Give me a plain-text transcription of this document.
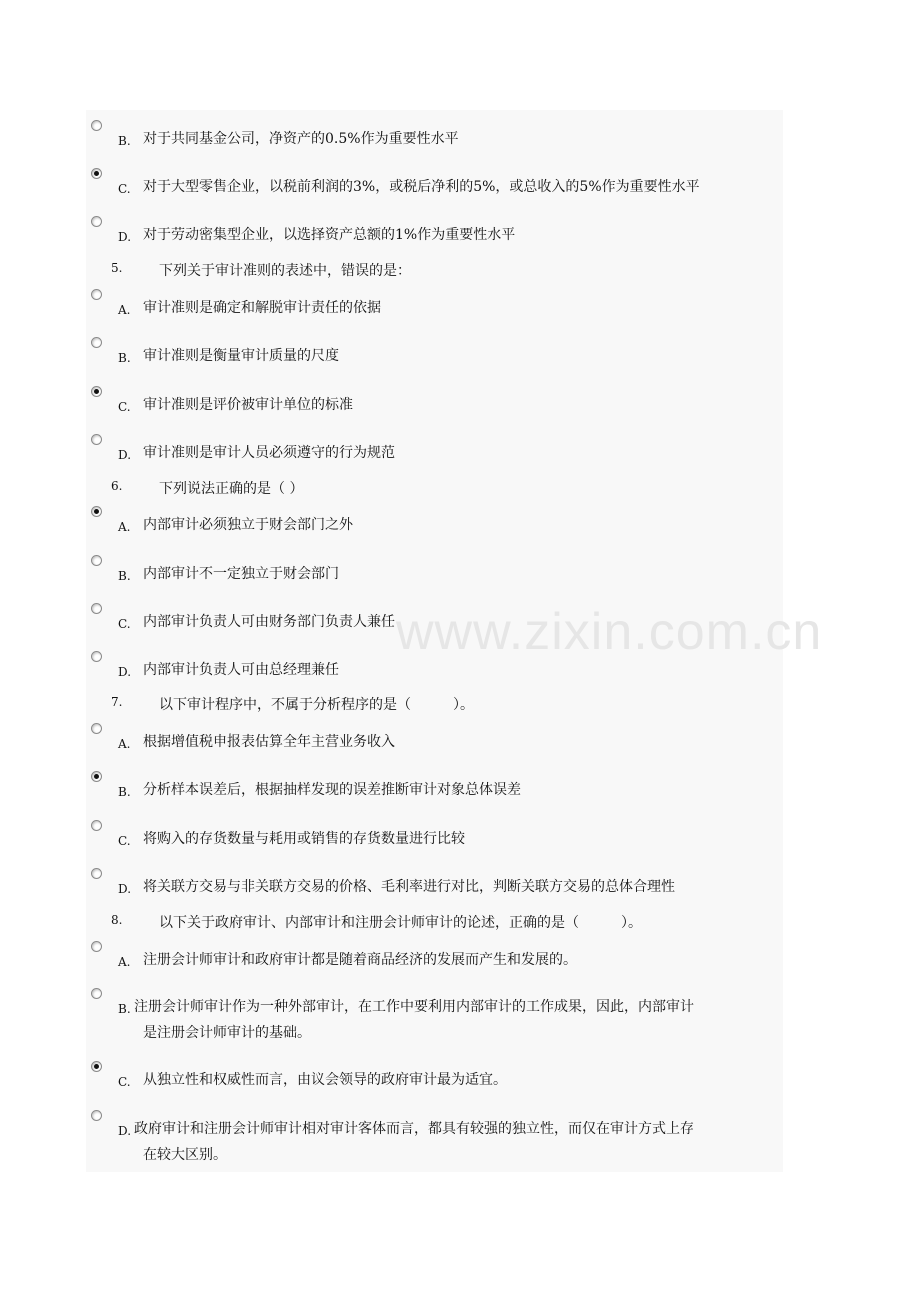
www.zixin.com.cn
B. 对于共同基金公司，净资产的0.5%作为重要性水平
C. 对于大型零售企业，以税前利润的3%，或税后净利的5%，或总收入的5%作为重要性水平
D. 对于劳动密集型企业，以选择资产总额的1%作为重要性水平
5.	下列关于审计准则的表述中，错误的是：
A. 审计准则是确定和解脱审计责任的依据
B. 审计准则是衡量审计质量的尺度
C. 审计准则是评价被审计单位的标准
D. 审计准则是审计人员必须遵守的行为规范
6.	下列说法正确的是（ ）
A. 内部审计必须独立于财会部门之外
B. 内部审计不一定独立于财会部门
C. 内部审计负责人可由财务部门负责人兼任
D. 内部审计负责人可由总经理兼任
7.	以下审计程序中，不属于分析程序的是（　　　）。
A. 根据增值税申报表估算全年主营业务收入
B. 分析样本误差后，根据抽样发现的误差推断审计对象总体误差
C. 将购入的存货数量与耗用或销售的存货数量进行比较
D. 将关联方交易与非关联方交易的价格、毛利率进行对比，判断关联方交易的总体合理性
8.	以下关于政府审计、内部审计和注册会计师审计的论述，正确的是（　　　）。
A. 注册会计师审计和政府审计都是随着商品经济的发展而产生和发展的。
B. 注册会计师审计作为一种外部审计，在工作中要利用内部审计的工作成果，因此，内部审计
是注册会计师审计的基础。
C. 从独立性和权威性而言，由议会领导的政府审计最为适宜。
D. 政府审计和注册会计师审计相对审计客体而言，都具有较强的独立性，而仅在审计方式上存
在较大区别。
